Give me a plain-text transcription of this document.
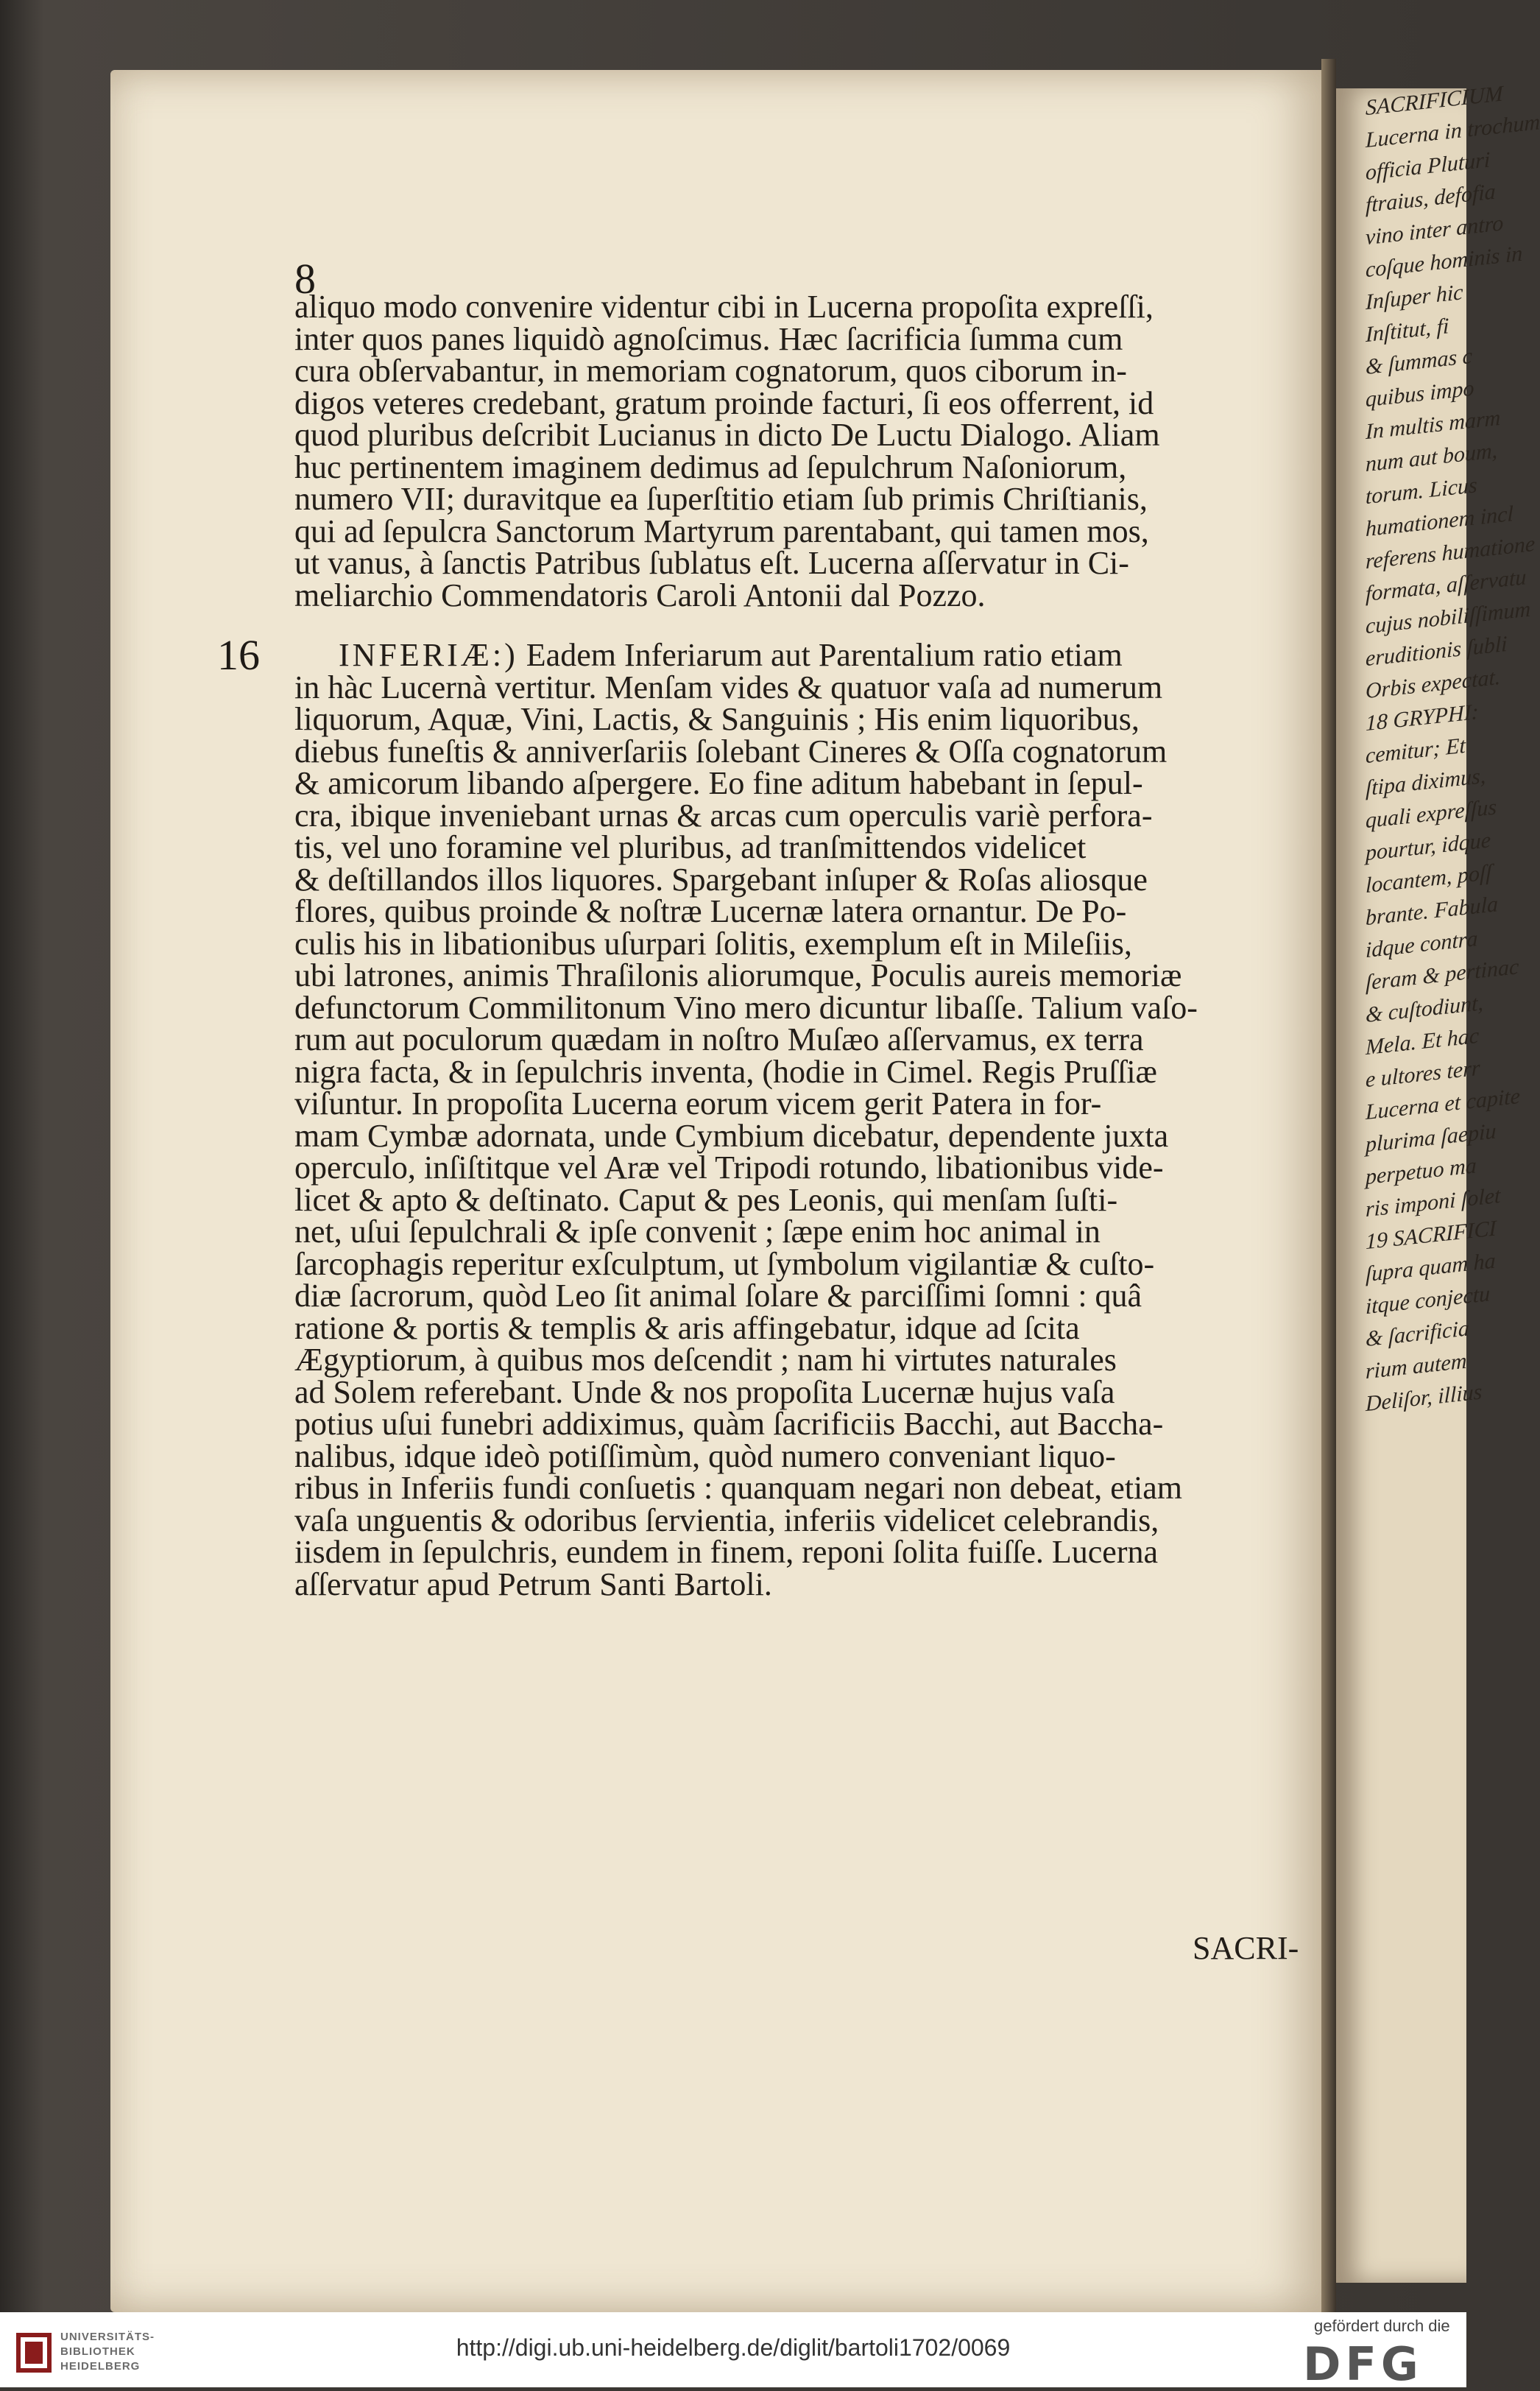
SACRIFICIUM
Lucerna in trochum
officia Pluturi
ftraius, defofia
vino inter antro
coſque hominis in
Inſuper hic
Inſtitut, fi
& ſummas c
quibus impo
In multis marm
num aut boum,
torum. Licus
humationem incl
referens humatione
formata, aſſervatu
cujus nobiliſſimum
eruditionis ſubli
Orbis expectat.
18 GRYPHI:
cemitur; Et
ſtipa diximus,
quali expreſſus
pourtur, idque
locantem, poſſ
brante. Fabula
idque contra
ſeram & pertinac
& cuſtodiunt,
Mela. Et hac
e ultores terr
Lucerna et capite
plurima ſaepiu
perpetuo ma
ris imponi ſolet
19 SACRIFICI
ſupra quam ha
itque conjectu
& ſacrificia
rium autem
Deliſor, illius
8

aliquo modo convenire videntur cibi in Lucerna propoſita expreſſi,
inter quos panes liquidò agnoſcimus. Hæc ſacrificia ſumma cum
cura obſervabantur, in memoriam cognatorum, quos ciborum in-
digos veteres credebant, gratum proinde facturi, ſi eos offerrent, id
quod pluribus deſcribit Lucianus in dicto De Luctu Dialogo. Aliam
huc pertinentem imaginem dedimus ad ſepulchrum Naſoniorum,
numero VII; duravitque ea ſuperſtitio etiam ſub primis Chriſtianis,
qui ad ſepulcra Sanctorum Martyrum parentabant, qui tamen mos,
ut vanus, à ſanctis Patribus ſublatus eſt. Lucerna aſſervatur in Ci-
meliarchio Commendatoris Caroli Antonii dal Pozzo.

16 INFERIÆ:) Eadem Inferiarum aut Parentalium ratio etiam
in hàc Lucernà vertitur. Menſam vides & quatuor vaſa ad numerum
liquorum, Aquæ, Vini, Lactis, & Sanguinis ; His enim liquoribus,
diebus funeſtis & anniverſariis ſolebant Cineres & Oſſa cognatorum
& amicorum libando aſpergere. Eo fine aditum habebant in ſepul-
cra, ibique inveniebant urnas & arcas cum operculis variè perfora-
tis, vel uno foramine vel pluribus, ad tranſmittendos videlicet
& deſtillandos illos liquores. Spargebant inſuper & Roſas aliosque
flores, quibus proinde & noſtræ Lucernæ latera ornantur. De Po-
culis his in libationibus uſurpari ſolitis, exemplum eſt in Mileſiis,
ubi latrones, animis Thraſilonis aliorumque, Poculis aureis memoriæ
defunctorum Commilitonum Vino mero dicuntur libaſſe. Talium vaſo-
rum aut poculorum quædam in noſtro Muſæo aſſervamus, ex terra
nigra facta, & in ſepulchris inventa, (hodie in Cimel. Regis Pruſſiæ
viſuntur. In propoſita Lucerna eorum vicem gerit Patera in for-
mam Cymbæ adornata, unde Cymbium dicebatur, dependente juxta
operculo, inſiſtitque vel Aræ vel Tripodi rotundo, libationibus vide-
licet & apto & deſtinato. Caput & pes Leonis, qui menſam ſuſti-
net, uſui ſepulchrali & ipſe convenit ; ſæpe enim hoc animal in
ſarcophagis reperitur exſculptum, ut ſymbolum vigilantiæ & cuſto-
diæ ſacrorum, quòd Leo ſit animal ſolare & parciſſimi ſomni : quâ
ratione & portis & templis & aris affingebatur, idque ad ſcita
Ægyptiorum, à quibus mos deſcendit ; nam hi virtutes naturales
ad Solem referebant. Unde & nos propoſita Lucernæ hujus vaſa
potius uſui funebri addiximus, quàm ſacrificiis Bacchi, aut Baccha-
nalibus, idque ideò potiſſimùm, quòd numero conveniant liquo-
ribus in Inferiis fundi conſuetis : quanquam negari non debeat, etiam
vaſa unguentis & odoribus ſervientia, inferiis videlicet celebrandis,
iisdem in ſepulchris, eundem in finem, reponi ſolita fuiſſe. Lucerna
aſſervatur apud Petrum Santi Bartoli.

SACRI-
UNIVERSITÄTS-
BIBLIOTHEK
HEIDELBERG
http://digi.ub.uni-heidelberg.de/diglit/bartoli1702/0069
gefördert durch die
DFG
